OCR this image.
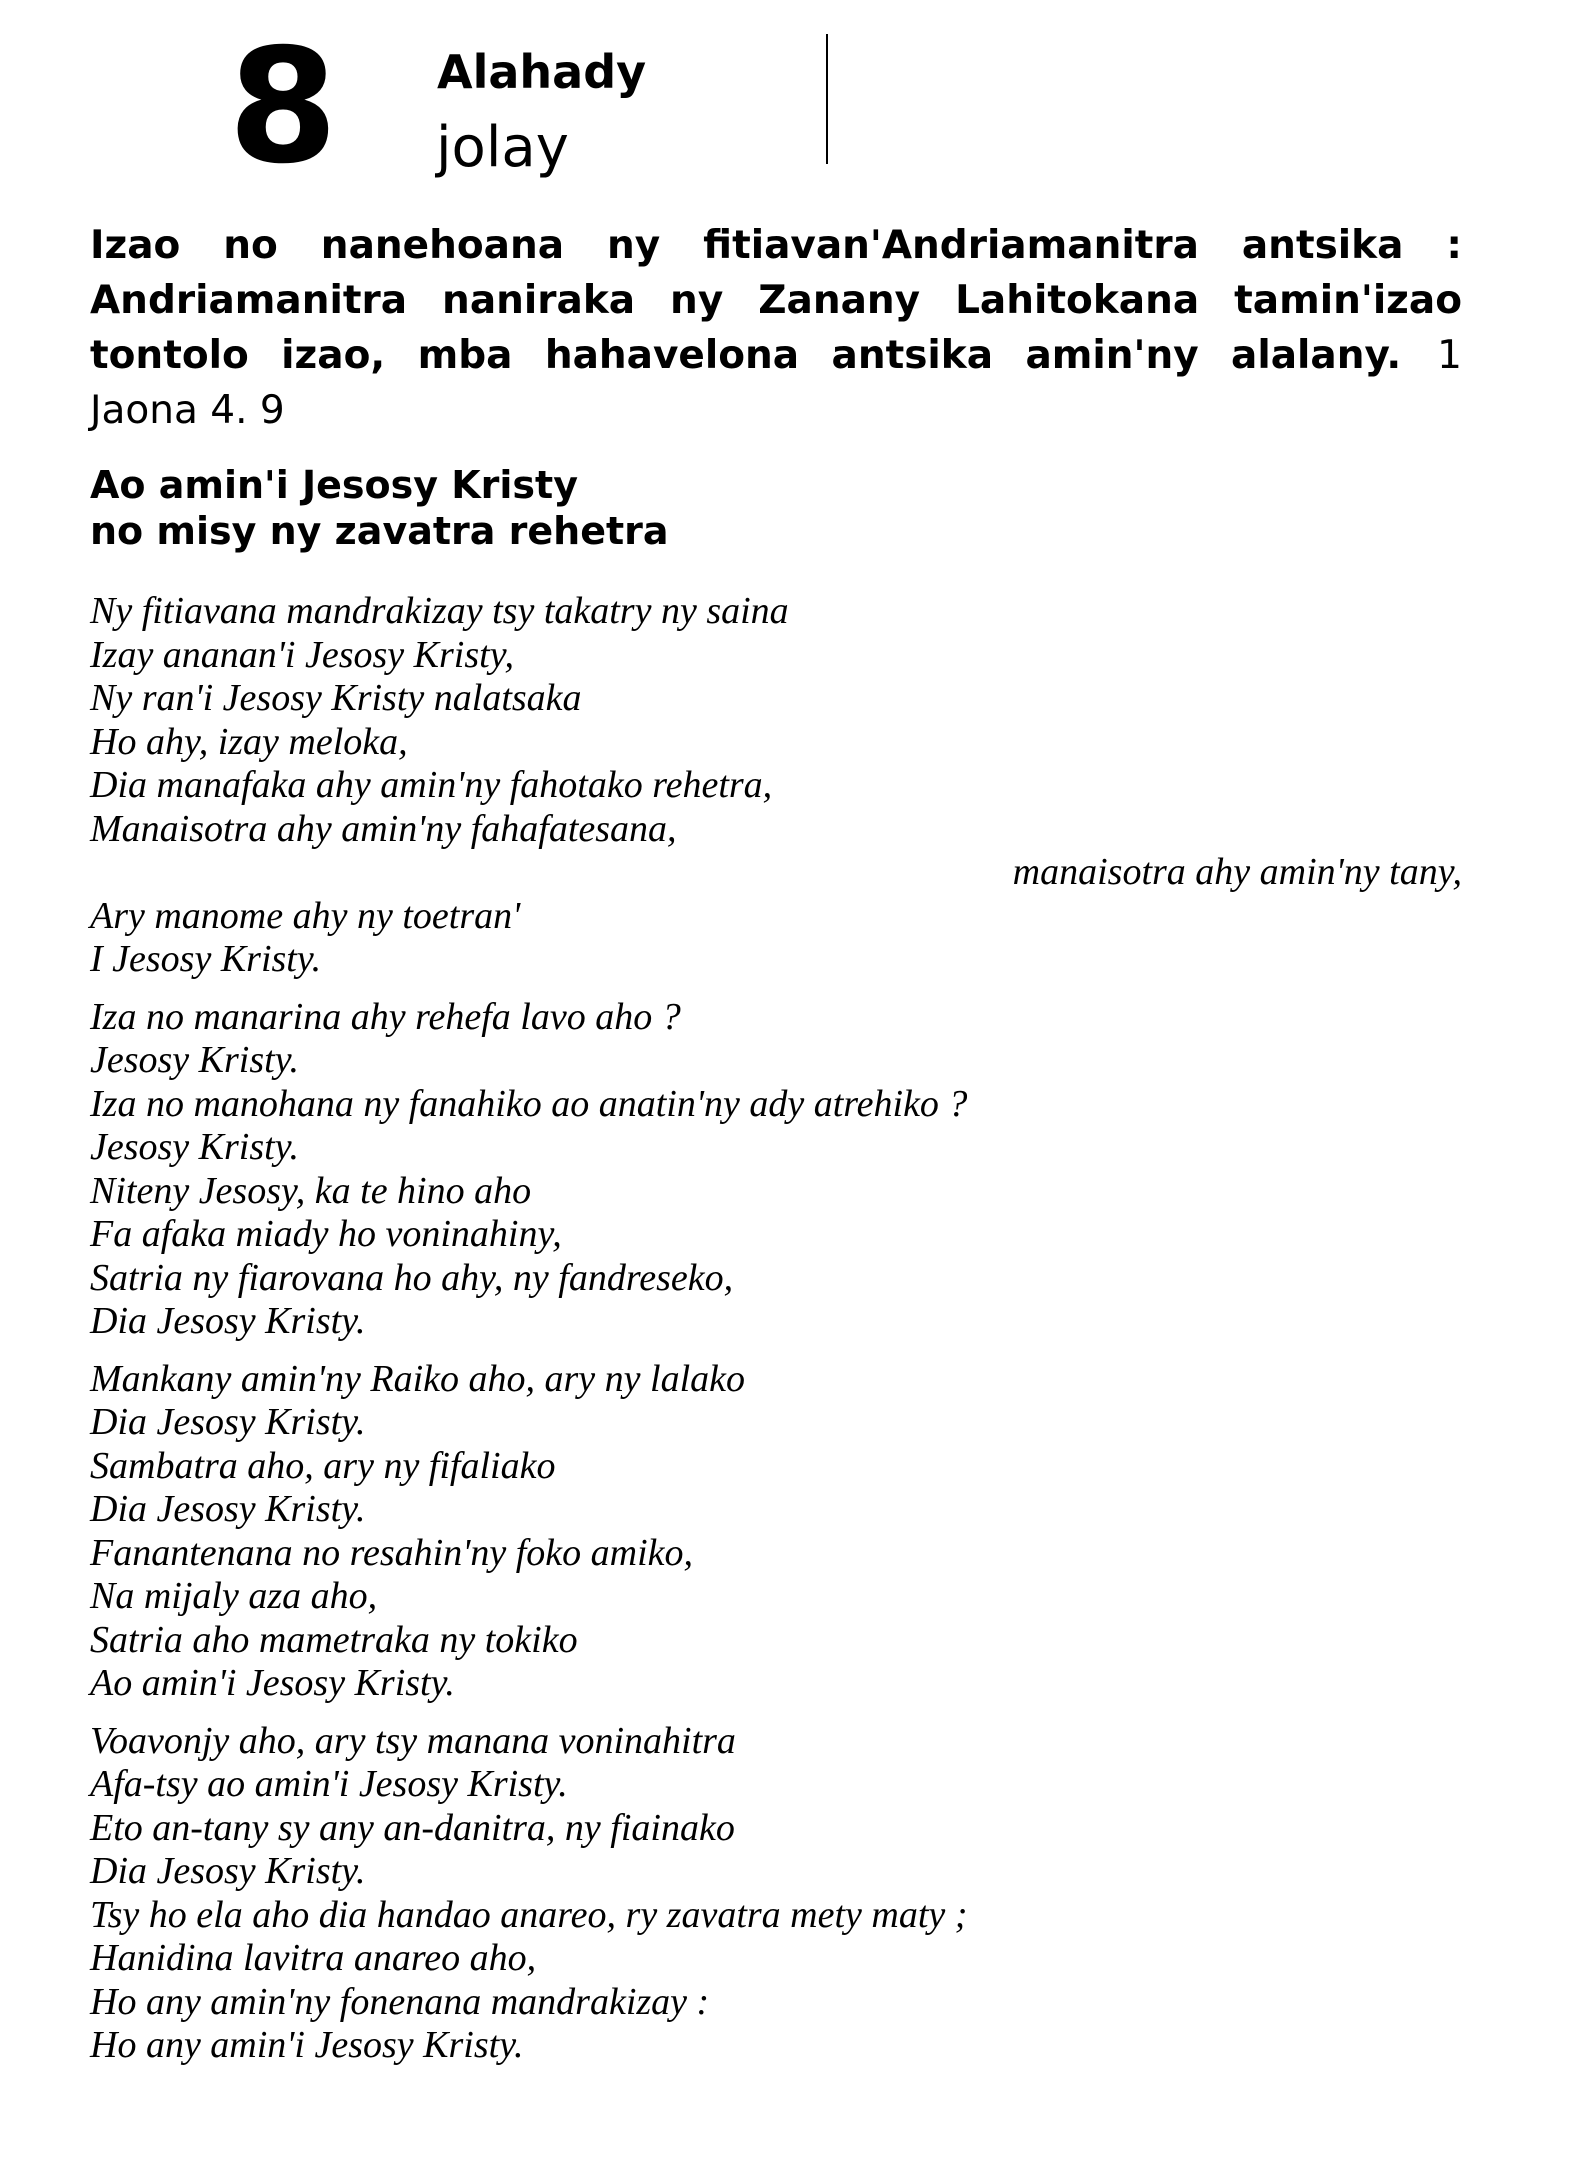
8 Alahady
jolay

Izao no nanehoana ny fitiavan'Andriamanitra antsika : Andriamanitra naniraka ny Zanany Lahitokana tamin'izao tontolo izao, mba hahavelona antsika amin'ny alalany. 1 Jaona 4. 9

Ao amin'i Jesosy Kristy
no misy ny zavatra rehetra
Ny fitiavana mandrakizay tsy takatry ny saina
Izay ananan'i Jesosy Kristy,
Ny ran'i Jesosy Kristy nalatsaka
Ho ahy, izay meloka,
Dia manafaka ahy amin'ny fahotako rehetra,
Manaisotra ahy amin'ny fahafatesana,
manaisotra ahy amin'ny tany,
Ary manome ahy ny toetran'
I Jesosy Kristy.
Iza no manarina ahy rehefa lavo aho ?
Jesosy Kristy.
Iza no manohana ny fanahiko ao anatin'ny ady atrehiko ?
Jesosy Kristy.
Niteny Jesosy, ka te hino aho
Fa afaka miady ho voninahiny,
Satria ny fiarovana ho ahy, ny fandreseko,
Dia Jesosy Kristy.
Mankany amin'ny Raiko aho, ary ny lalako
Dia Jesosy Kristy.
Sambatra aho, ary ny fifaliako
Dia Jesosy Kristy.
Fanantenana no resahin'ny foko amiko,
Na mijaly aza aho,
Satria aho mametraka ny tokiko
Ao amin'i Jesosy Kristy.
Voavonjy aho, ary tsy manana voninahitra
Afa-tsy ao amin'i Jesosy Kristy.
Eto an-tany sy any an-danitra, ny fiainako
Dia Jesosy Kristy.
Tsy ho ela aho dia handao anareo, ry zavatra mety maty ;
Hanidina lavitra anareo aho,
Ho any amin'ny fonenana mandrakizay :
Ho any amin'i Jesosy Kristy.
